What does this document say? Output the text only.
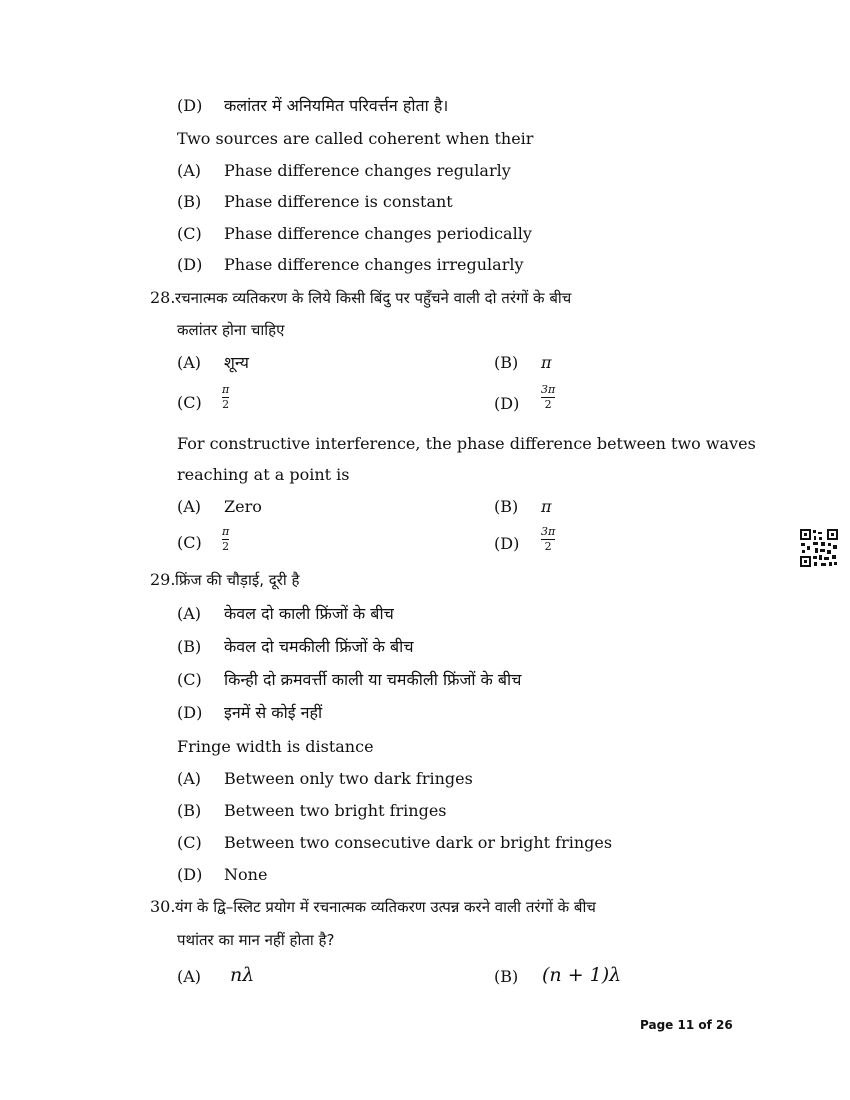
(D) कलांतर में अनियमित परिवर्त्तन होता है।
Two sources are called coherent when their
(A) Phase difference changes regularly
(B) Phase difference is constant
(C) Phase difference changes periodically
(D) Phase difference changes irregularly
28. रचनात्मक व्यतिकरण के लिये किसी बिंदु पर पहुँचने वाली दो तरंगों के बीच
कलांतर होना चाहिए
(A) शून्य	(B) π
(C)
π
2	(D)
3π
2
For constructive interference, the phase difference between two waves
reaching at a point is
(A) Zero	(B) π
(C)
π
2	(D)
3π
2
29. फ्रिंज की चौड़ाई, दूरी है
(A) केवल दो काली फ्रिंजों के बीच
(B) केवल दो चमकीली फ्रिंजों के बीच
(C) किन्ही दो क्रमवर्त्ती काली या चमकीली फ्रिंजों के बीच
(D) इनमें से कोई नहीं
Fringe width is distance
(A) Between only two dark fringes
(B) Between two bright fringes
(C) Between two consecutive dark or bright fringes
(D) None
30. यंग के द्वि–स्लिट प्रयोग में रचनात्मक व्यतिकरण उत्पन्न करने वाली तरंगों के बीच
पथांतर का मान नहीं होता है?
(A) nλ	(B) (n + 1)λ
Page 11 of 26
